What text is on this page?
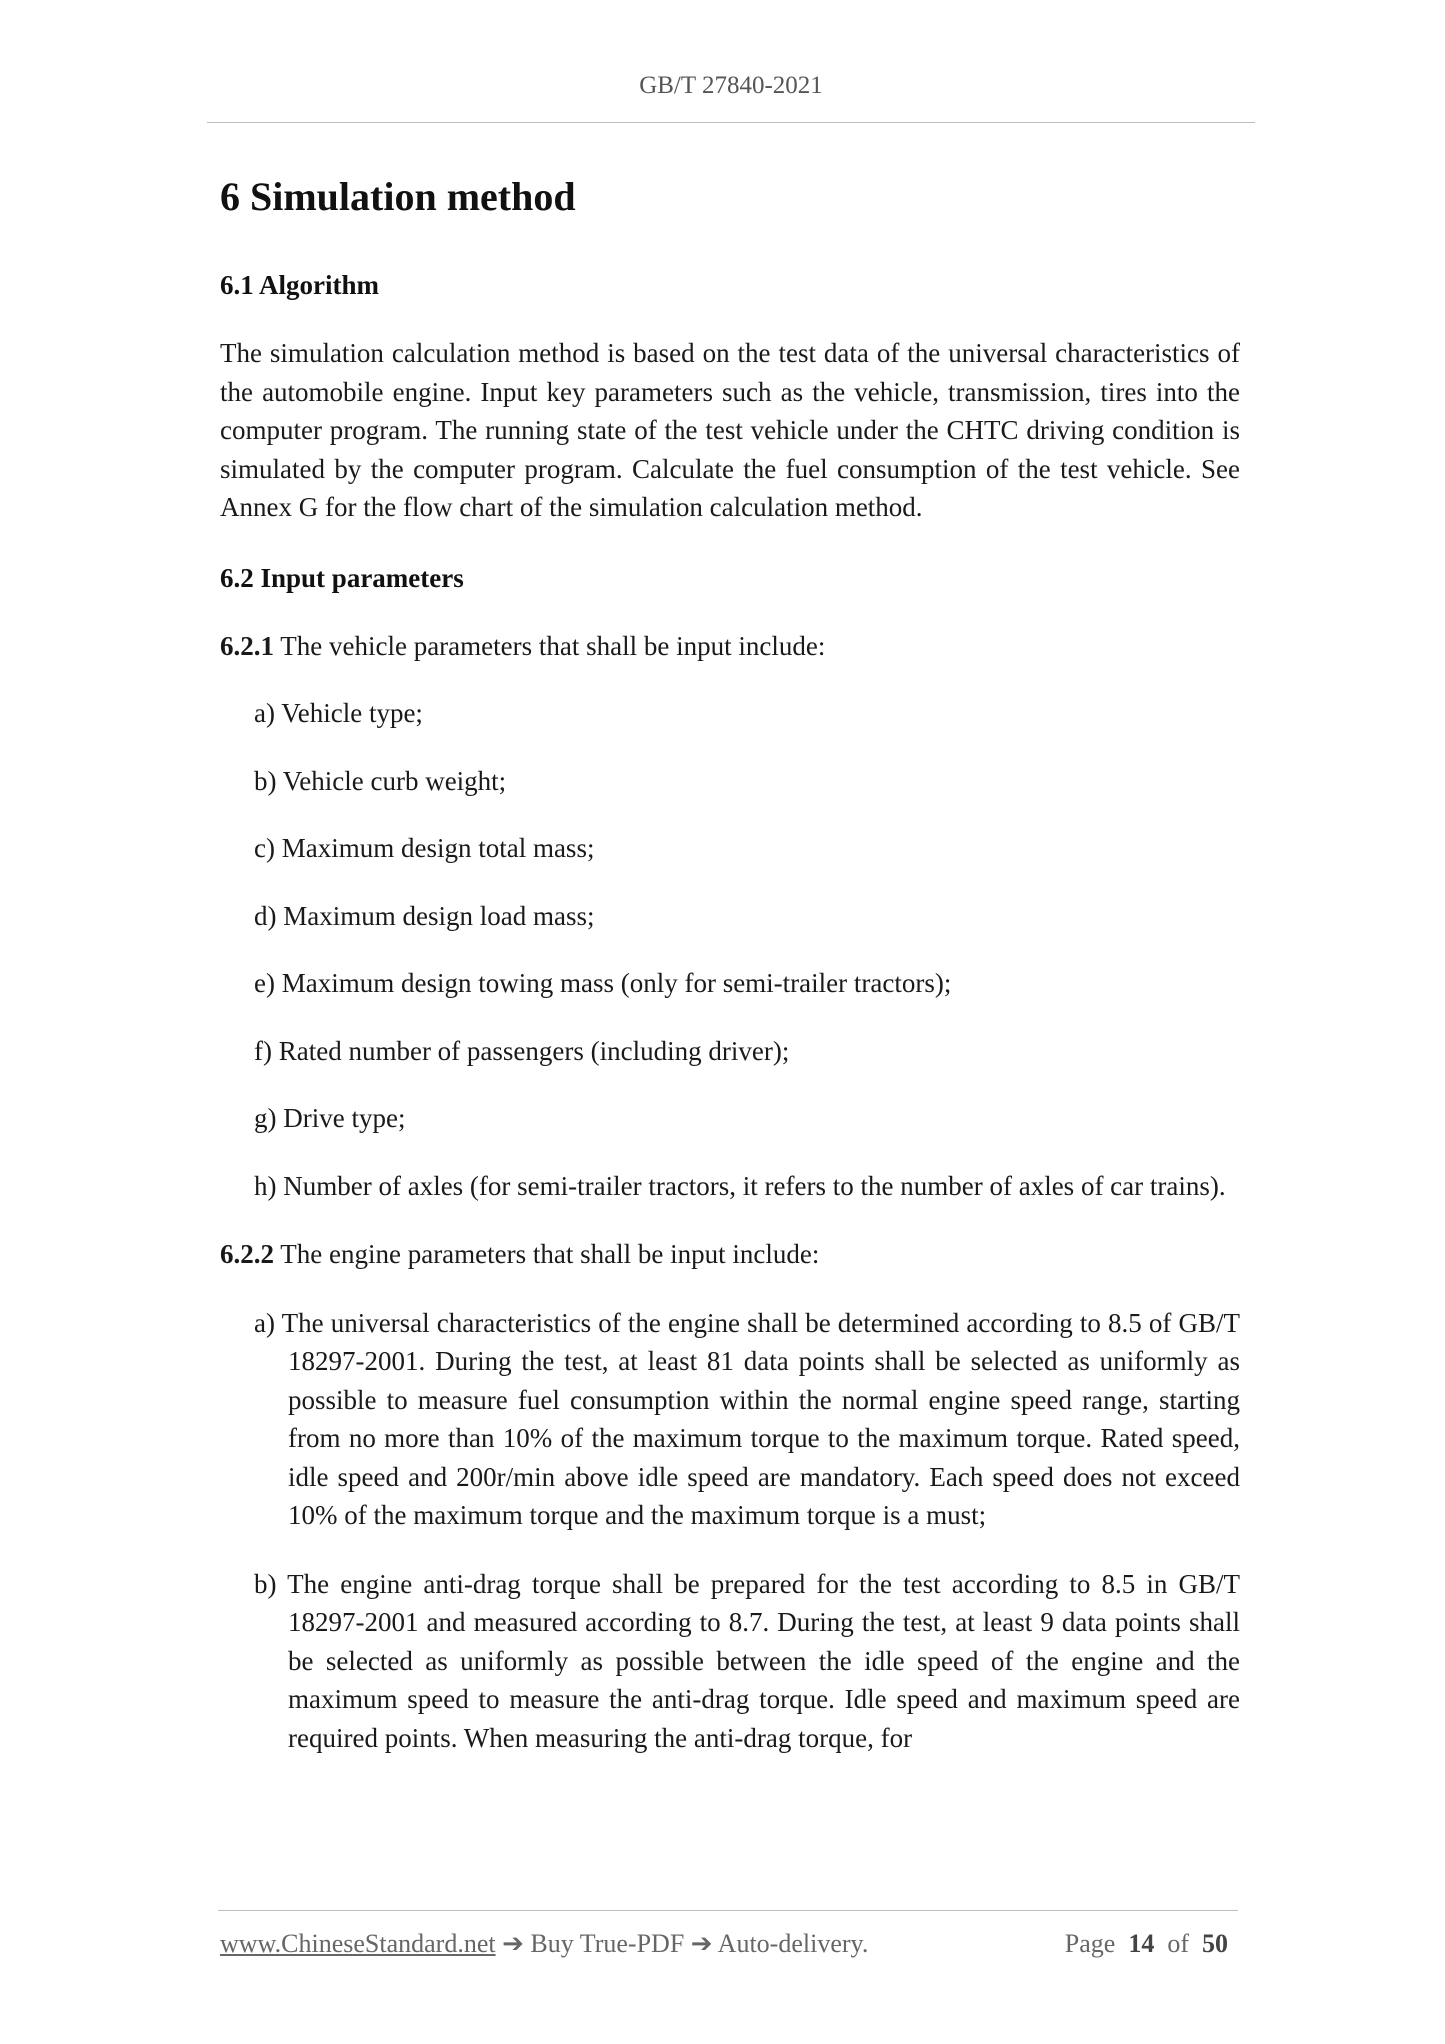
GB/T 27840-2021
6 Simulation method
6.1 Algorithm

The simulation calculation method is based on the test data of the universal characteristics of the automobile engine. Input key parameters such as the vehicle, transmission, tires into the computer program. The running state of the test vehicle under the CHTC driving condition is simulated by the computer program. Calculate the fuel consumption of the test vehicle. See Annex G for the flow chart of the simulation calculation method.

6.2 Input parameters

6.2.1 The vehicle parameters that shall be input include:

a) Vehicle type;

b) Vehicle curb weight;

c) Maximum design total mass;

d) Maximum design load mass;

e) Maximum design towing mass (only for semi-trailer tractors);

f) Rated number of passengers (including driver);

g) Drive type;

h) Number of axles (for semi-trailer tractors, it refers to the number of axles of car trains).

6.2.2 The engine parameters that shall be input include:

a) The universal characteristics of the engine shall be determined according to 8.5 of GB/T 18297-2001. During the test, at least 81 data points shall be selected as uniformly as possible to measure fuel consumption within the normal engine speed range, starting from no more than 10% of the maximum torque to the maximum torque. Rated speed, idle speed and 200r/min above idle speed are mandatory. Each speed does not exceed 10% of the maximum torque and the maximum torque is a must;

b) The engine anti-drag torque shall be prepared for the test according to 8.5 in GB/T 18297-2001 and measured according to 8.7. During the test, at least 9 data points shall be selected as uniformly as possible between the idle speed of the engine and the maximum speed to measure the anti-drag torque. Idle speed and maximum speed are required points. When measuring the anti-drag torque, for

www.ChineseStandard.net ➔ Buy True-PDF ➔ Auto-delivery.	Page 14 of 50
